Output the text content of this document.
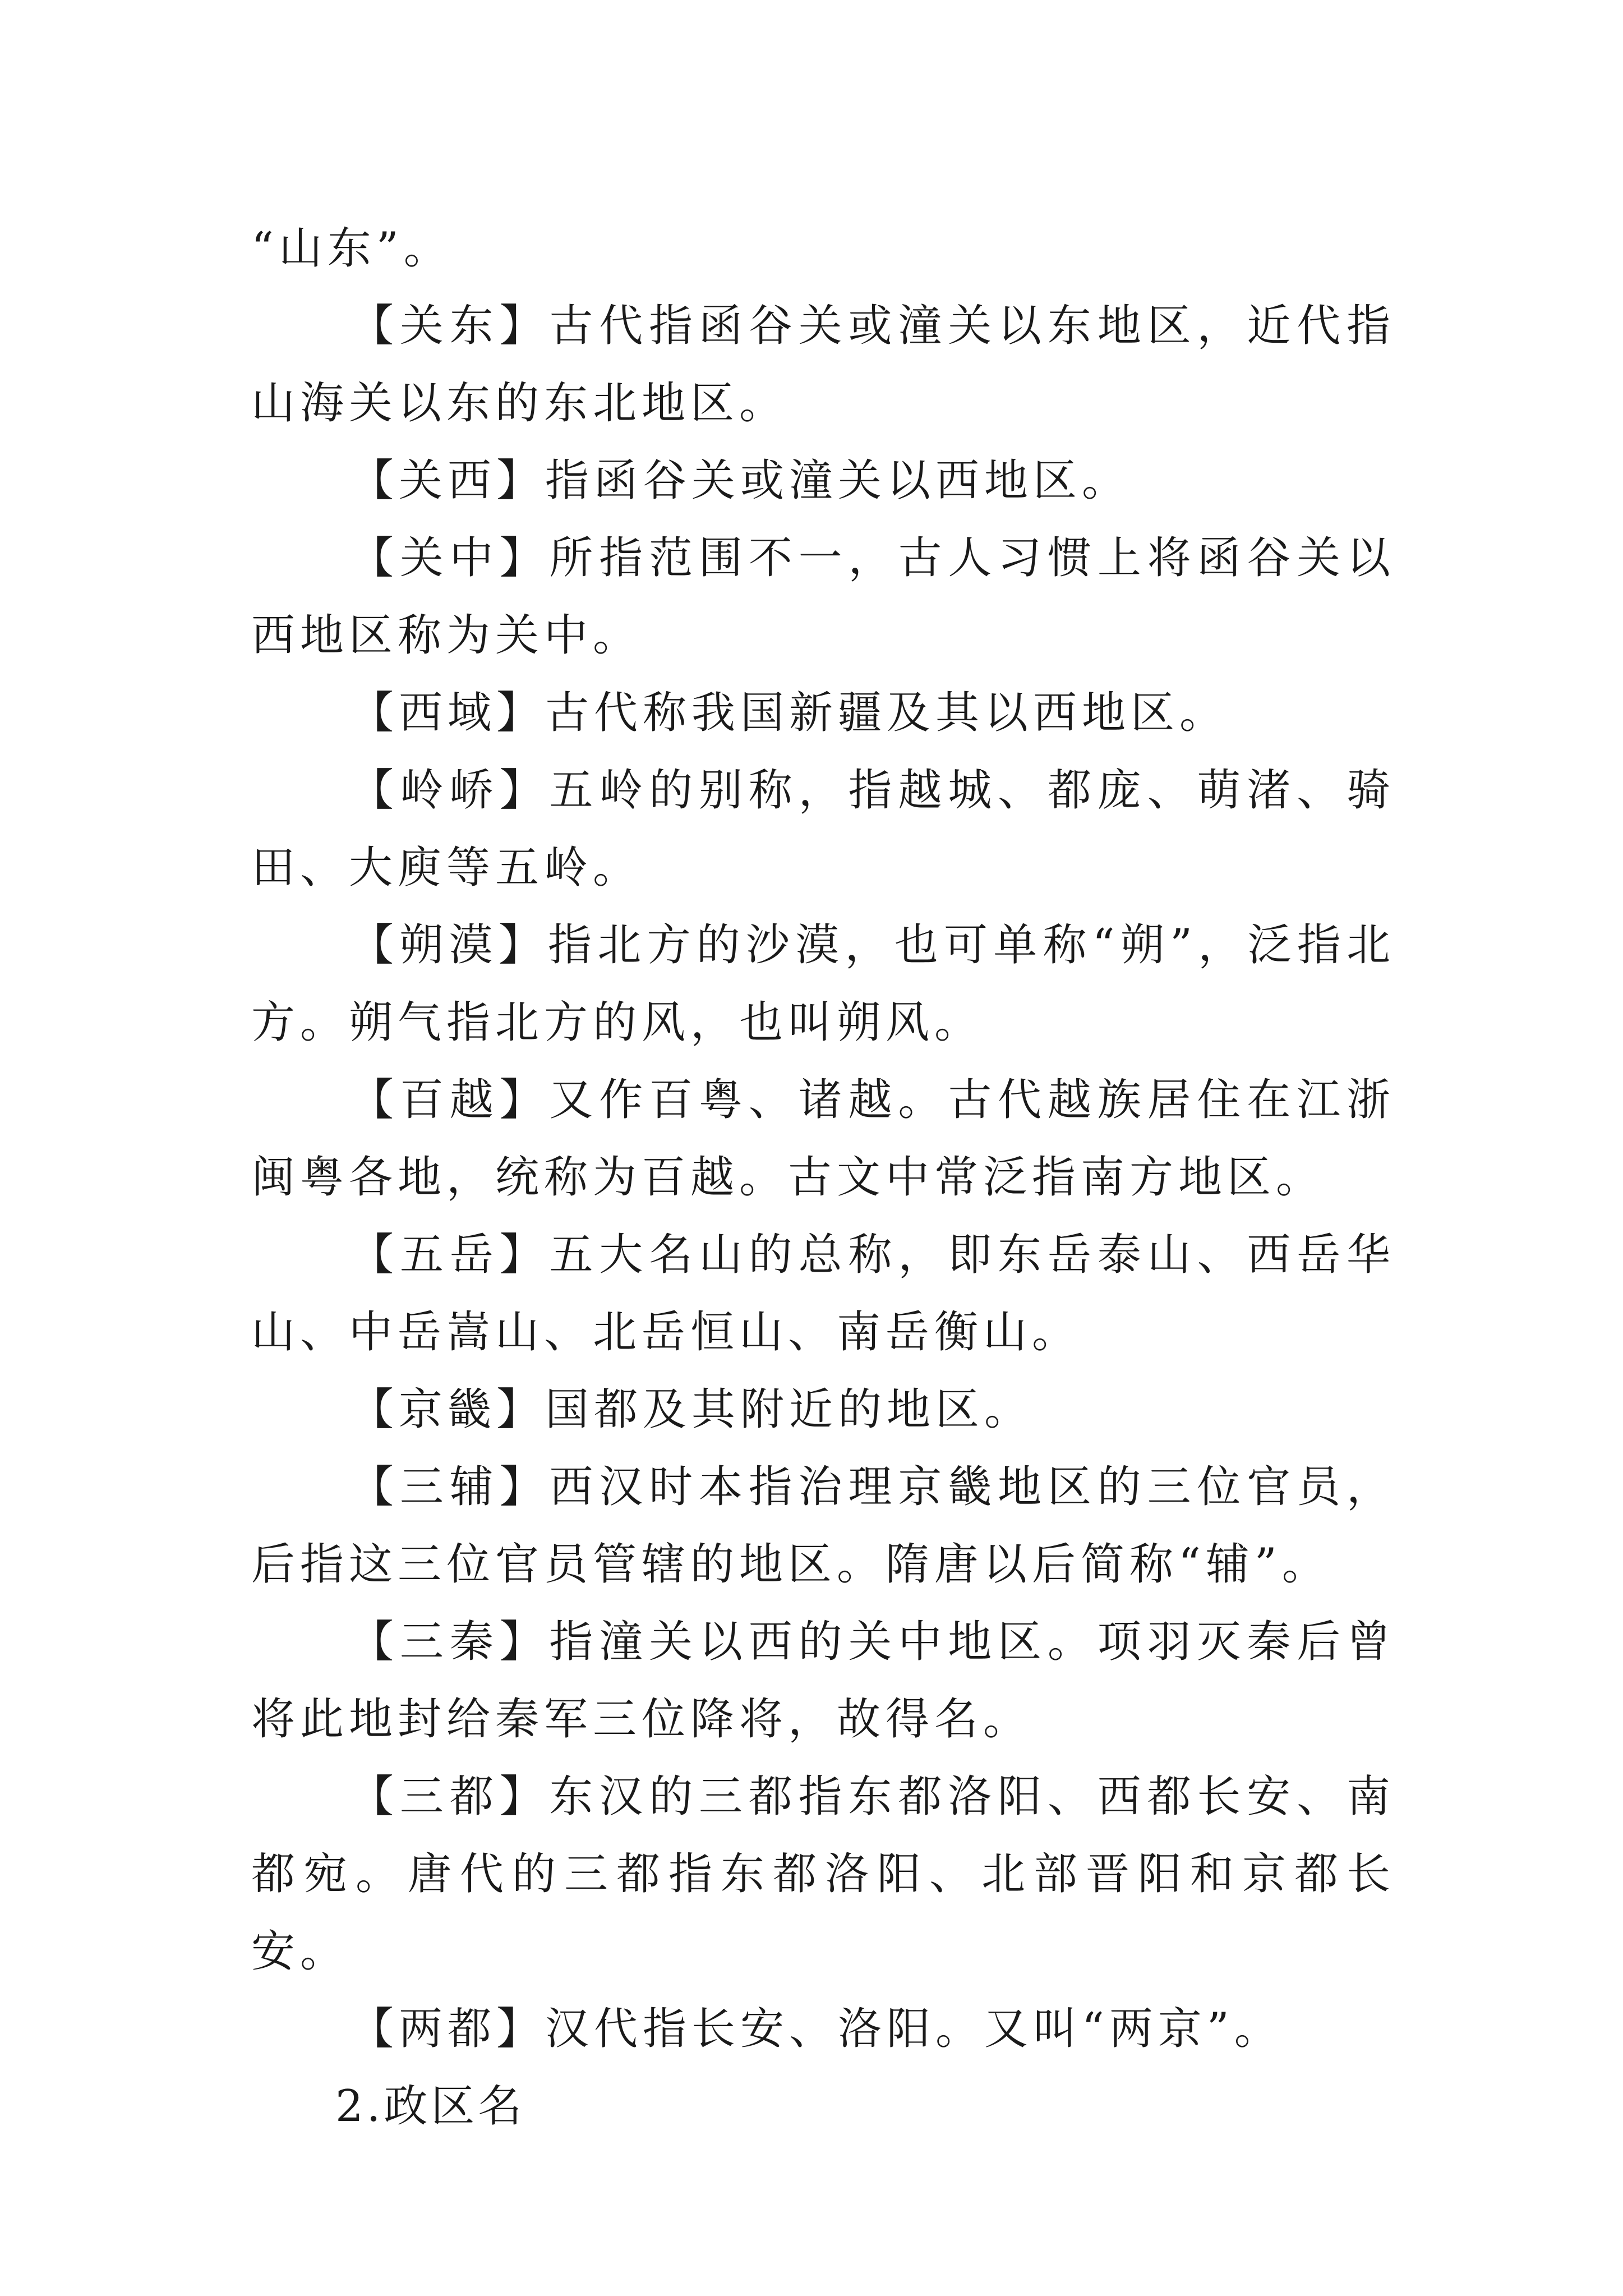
“山东”。

【关东】古代指函谷关或潼关以东地区，近代指山海关以东的东北地区。

【关西】指函谷关或潼关以西地区。

【关中】所指范围不一，古人习惯上将函谷关以西地区称为关中。

【西域】古代称我国新疆及其以西地区。

【岭峤】五岭的别称，指越城、都庞、萌渚、骑田、大庾等五岭。

【朔漠】指北方的沙漠，也可单称“朔”，泛指北方。朔气指北方的风，也叫朔风。

【百越】又作百粤、诸越。古代越族居住在江浙闽粤各地，统称为百越。古文中常泛指南方地区。

【五岳】五大名山的总称，即东岳泰山、西岳华山、中岳嵩山、北岳恒山、南岳衡山。

【京畿】国都及其附近的地区。

【三辅】西汉时本指治理京畿地区的三位官员，后指这三位官员管辖的地区。隋唐以后简称“辅”。

【三秦】指潼关以西的关中地区。项羽灭秦后曾将此地封给秦军三位降将，故得名。

【三都】东汉的三都指东都洛阳、西都长安、南都宛。唐代的三都指东都洛阳、北部晋阳和京都长安。

【两都】汉代指长安、洛阳。又叫“两京”。

2.政区名
